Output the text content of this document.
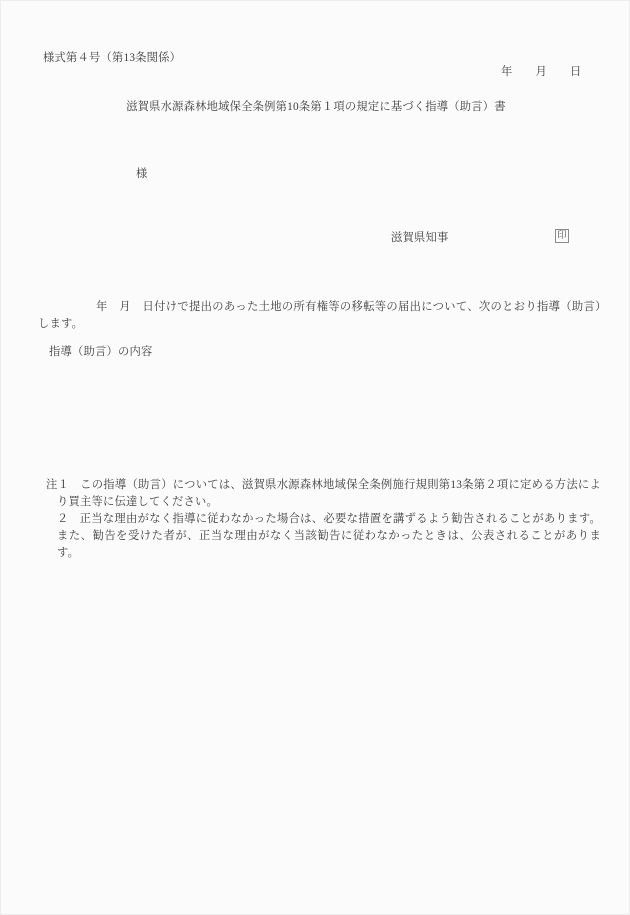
様式第４号（第13条関係）
年　　月　　日
滋賀県水源森林地域保全条例第10条第１項の規定に基づく指導（助言）書
様
滋賀県知事	印
年　月　日付けで提出のあった土地の所有権等の移転等の届出について、次のとおり指導（助言）します。
指導（助言）の内容
注１ この指導（助言）については、滋賀県水源森林地域保全条例施行規則第13条第２項に定める方法により買主等に伝達してください。
２ 正当な理由がなく指導に従わなかった場合は、必要な措置を講ずるよう勧告されることがあります。また、勧告を受けた者が、正当な理由がなく当該勧告に従わなかったときは、公表されることがあります。
